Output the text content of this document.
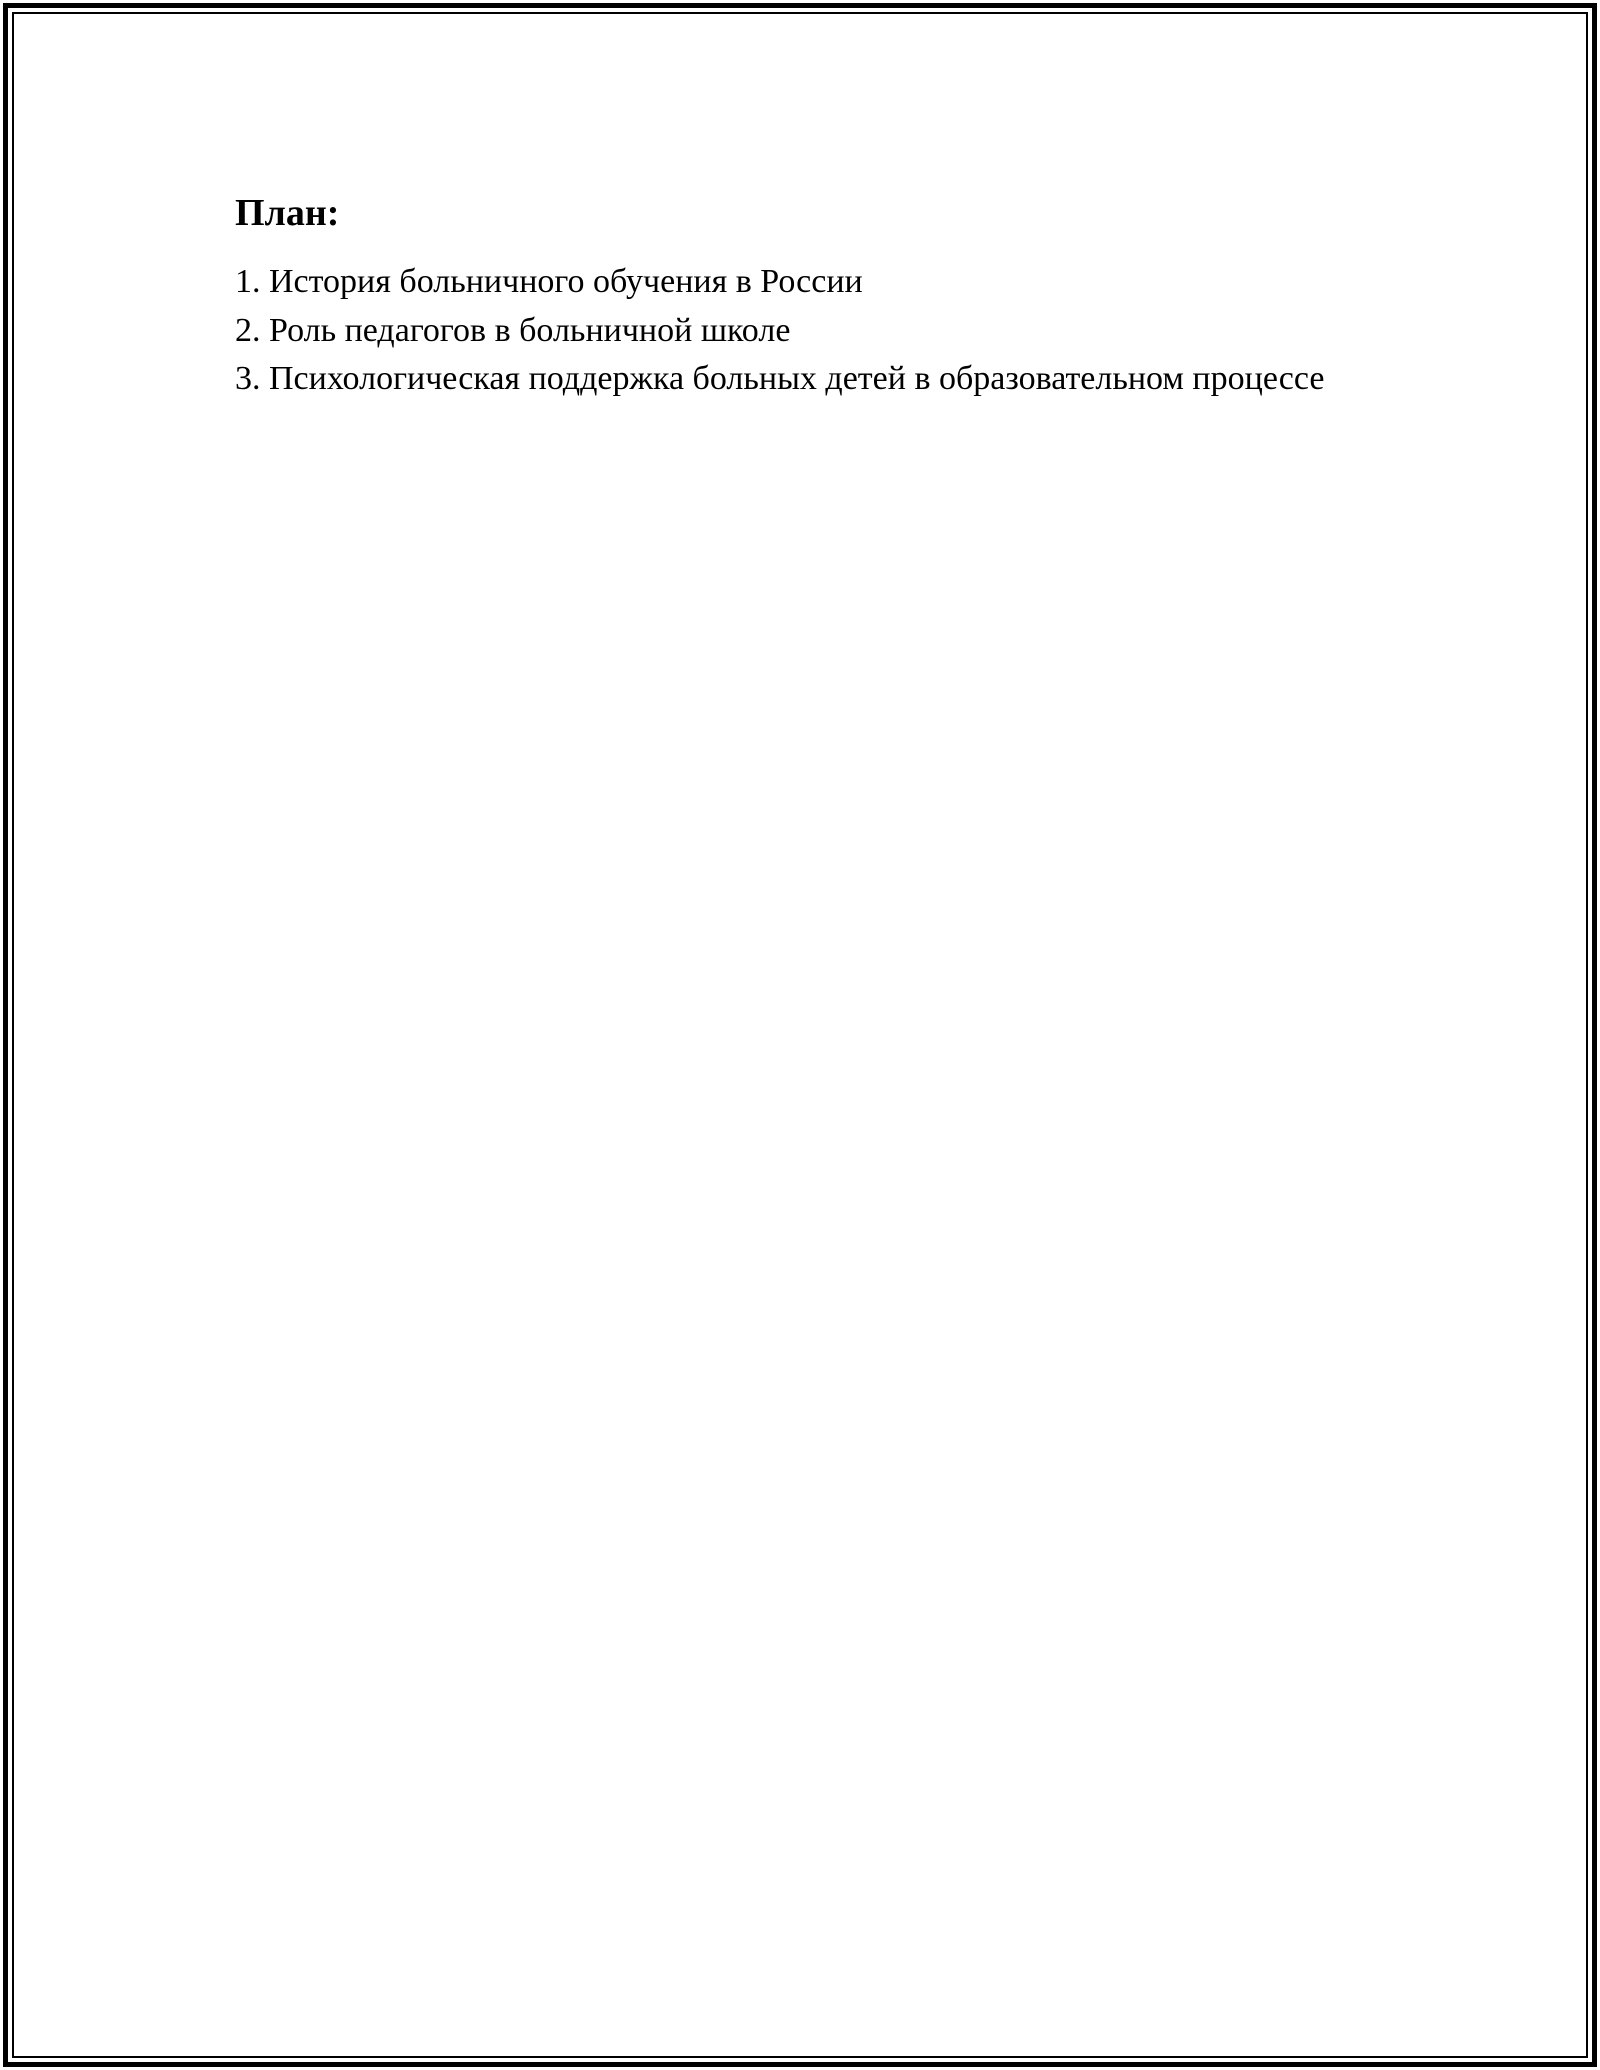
План:
1. История больничного обучения в России
2. Роль педагогов в больничной школе
3. Психологическая поддержка больных детей в образовательном процессе
